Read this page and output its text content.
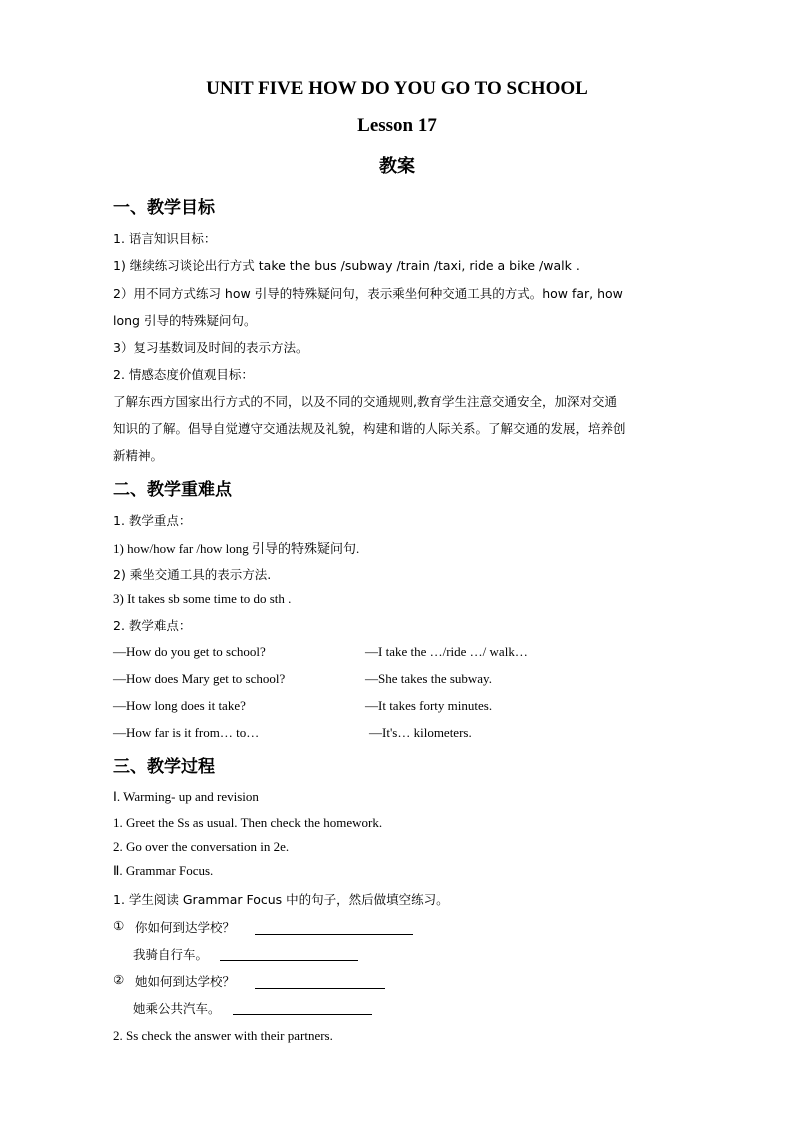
UNIT FIVE HOW DO YOU GO TO SCHOOL
Lesson 17
教案
一、教学目标
1. 语言知识目标：
1) 继续练习谈论出行方式 take the bus /subway /train /taxi, ride a bike /walk .
2）用不同方式练习 how 引导的特殊疑问句，表示乘坐何种交通工具的方式。how far, how
long 引导的特殊疑问句。
3）复习基数词及时间的表示方法。
2. 情感态度价值观目标：
了解东西方国家出行方式的不同，以及不同的交通规则,教育学生注意交通安全，加深对交通
知识的了解。倡导自觉遵守交通法规及礼貌，构建和谐的人际关系。了解交通的发展，培养创
新精神。
二、教学重难点
1. 教学重点：
1) how/how far /how long 引导的特殊疑问句.
2) 乘坐交通工具的表示方法.
3) It takes sb some time to do sth .
2. 教学难点：
—How do you get to school?	—I take the …/ride …/ walk…
—How does Mary get to school?	—She takes the subway.
—How long does it take?	—It takes forty minutes.
—How far is it from… to…	—It's… kilometers.
三、教学过程
Ⅰ. Warming- up and revision
1. Greet the Ss as usual. Then check the homework.
2. Go over the conversation in 2e.
Ⅱ. Grammar Focus.
1. 学生阅读 Grammar Focus 中的句子，然后做填空练习。
① 你如何到达学校？
我骑自行车。
② 她如何到达学校？
她乘公共汽车。
2. Ss check the answer with their partners.
